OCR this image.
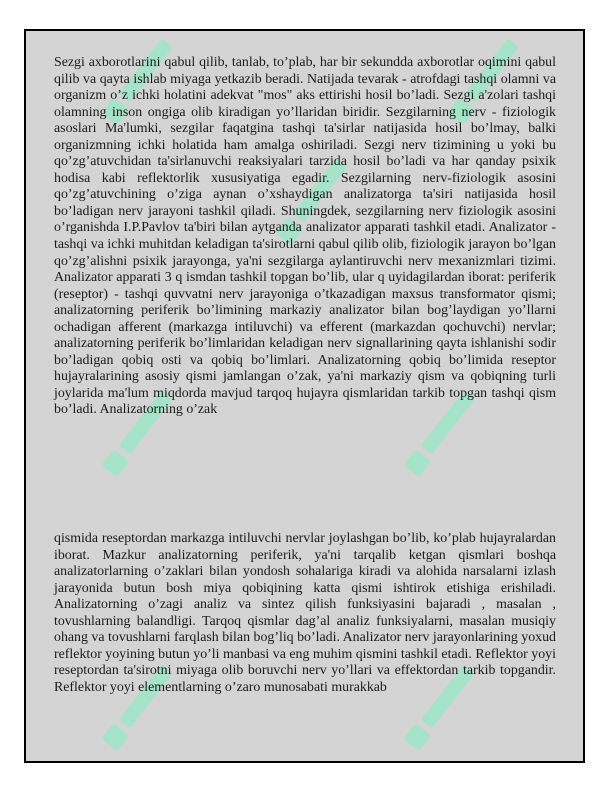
Sezgi axborotlarini qabul qilib, tanlab, to’plab, har bir sekundda axborotlar oqimini qabul qilib va qayta ishlab miyaga yetkazib beradi. Natijada tevarak - atrofdagi tashqi olamni va organizm o’z ichki holatini adekvat "mos" aks ettirishi hosil bo’ladi. Sezgi a'zolari tashqi olamning inson ongiga olib kiradigan yo’llaridan biridir. Sezgilarning nerv - fiziologik asoslari Ma'lumki, sezgilar faqatgina tashqi ta'sirlar natijasida hosil bo’lmay, balki organizmning ichki holatida ham amalga oshiriladi. Sezgi nerv tizimining u yoki bu qo’zg’atuvchidan ta'sirlanuvchi reaksiyalari tarzida hosil bo’ladi va har qanday psixik hodisa kabi reflektorlik xususiyatiga egadir. Sezgilarning nerv-fiziologik asosini qo’zg’atuvchining o’ziga aynan o’xshaydigan analizatorga ta'siri natijasida hosil bo’ladigan nerv jarayoni tashkil qiladi. Shuningdek, sezgilarning nerv fiziologik asosini o’rganishda I.P.Pavlov ta'biri bilan aytganda analizator apparati tashkil etadi. Analizator - tashqi va ichki muhitdan keladigan ta'sirotlarni qabul qilib olib, fiziologik jarayon bo’lgan qo’zg’alishni psixik jarayonga, ya'ni sezgilarga aylantiruvchi nerv mexanizmlari tizimi. Analizator apparati 3 q ismdan tashkil topgan bo’lib, ular q uyidagilardan iborat: periferik (reseptor) - tashqi quvvatni nerv jarayoniga o’tkazadigan maxsus transformator qismi; analizatorning periferik bo’limining markaziy analizator bilan bog’laydigan yo’llarni ochadigan afferent (markazga intiluvchi) va efferent (markazdan qochuvchi) nervlar; analizatorning periferik bo’limlaridan keladigan nerv signallarining qayta ishlanishi sodir bo’ladigan qobiq osti va qobiq bo’limlari. Analizatorning qobiq bo’limida reseptor hujayralarining asosiy qismi jamlangan o’zak, ya'ni markaziy qism va qobiqning turli joylarida ma'lum miqdorda mavjud tarqoq hujayra qismlaridan tarkib topgan tashqi qism bo’ladi. Analizatorning o’zak

qismida reseptordan markazga intiluvchi nervlar joylashgan bo’lib, ko’plab hujayralardan iborat. Mazkur analizatorning periferik, ya'ni tarqalib ketgan qismlari boshqa analizatorlarning o’zaklari bilan yondosh sohalariga kiradi va alohida narsalarni izlash jarayonida butun bosh miya qobiqining katta qismi ishtirok etishiga erishiladi. Analizatorning o’zagi analiz va sintez qilish funksiyasini bajaradi , masalan , tovushlarning balandligi. Tarqoq qismlar dag’al analiz funksiyalarni, masalan musiqiy ohang va tovushlarni farqlash bilan bog’liq bo’ladi. Analizator nerv jarayonlarining yoxud reflektor yoyining butun yo’li manbasi va eng muhim qismini tashkil etadi. Reflektor yoyi reseptordan ta'sirotni miyaga olib boruvchi nerv yo’llari va effektordan tarkib topgandir. Reflektor yoyi elementlarning o’zaro munosabati murakkab
